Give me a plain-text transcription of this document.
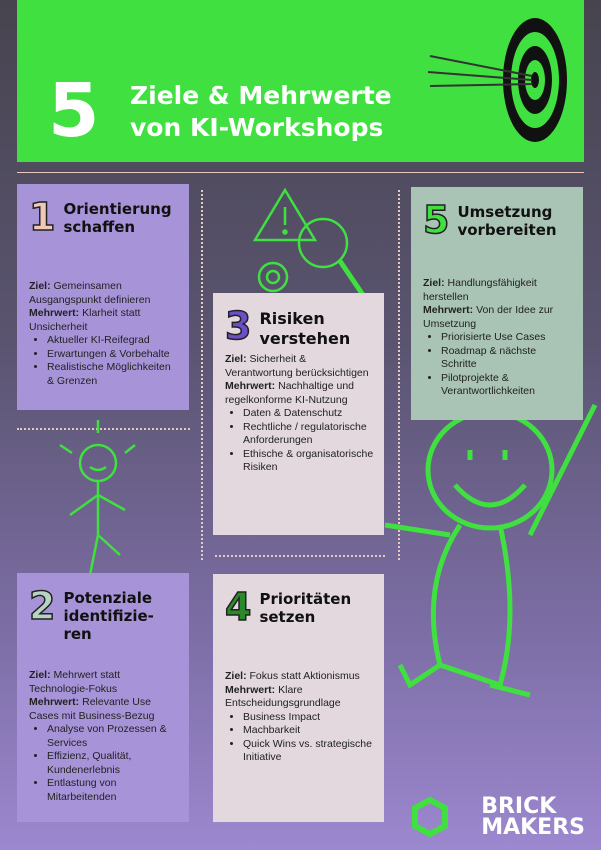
5 Ziele & Mehrwerte
von KI-Workshops
1 Orientierung schaffen
Ziel: Gemeinsamen Ausgangspunkt definieren
Mehrwert: Klarheit statt Unsicherheit
• Aktueller KI-Reifegrad
• Erwartungen & Vorbehalte
• Realistische Möglichkeiten & Grenzen
3 Risiken verstehen
Ziel: Sicherheit & Verantwortung berücksichtigen
Mehrwert: Nachhaltige und regelkonforme KI-Nutzung
• Daten & Datenschutz
• Rechtliche / regulatorische Anforderungen
• Ethische & organisatorische Risiken
5 Umsetzung vorbereiten
Ziel: Handlungsfähigkeit herstellen
Mehrwert: Von der Idee zur Umsetzung
• Priorisierte Use Cases
• Roadmap & nächste Schritte
• Pilotprojekte & Verantwortlichkeiten
2 Potenziale identifizie-ren
Ziel: Mehrwert statt Technologie-Fokus
Mehrwert: Relevante Use Cases mit Business-Bezug
• Analyse von Prozessen & Services
• Effizienz, Qualität, Kundenerlebnis
• Entlastung von Mitarbeitenden
4 Prioritäten setzen
Ziel: Fokus statt Aktionismus
Mehrwert: Klare Entscheidungsgrundlage
• Business Impact
• Machbarkeit
• Quick Wins vs. strategische Initiative
BRICK
MAKERS
